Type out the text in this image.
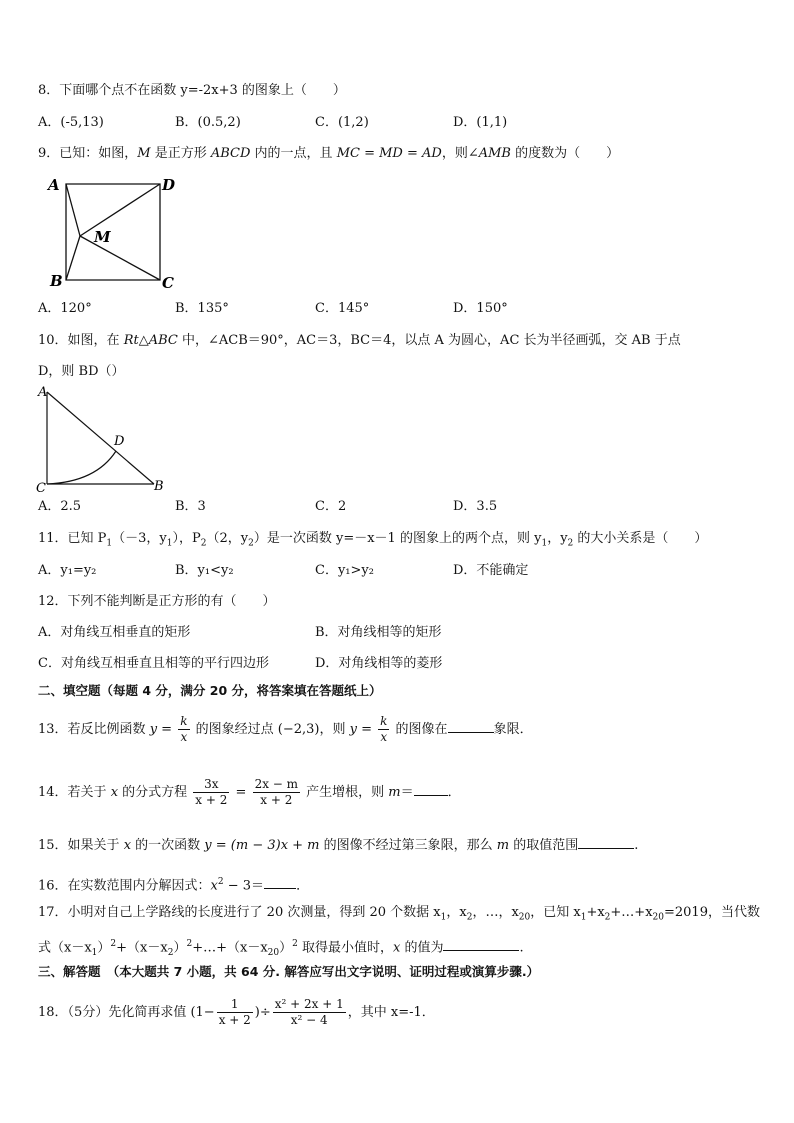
8．下面哪个点不在函数 y=-2x+3 的图象上（　　）
A．(-5,13)	B．(0.5,2)	C．(1,2)	D．(1,1)
9．已知：如图，M 是正方形 ABCD 内的一点，且 MC = MD = AD，则∠AMB 的度数为（　　）
A	D
M
B	C
A．120°	B．135°	C．145°	D．150°
10．如图，在 Rt△ABC 中，∠ACB＝90°，AC＝3，BC＝4，以点 A 为圆心，AC 长为半径画弧，交 AB 于点
D，则 BD（）
A
D
C	B
A．2.5	B．3	C．2	D．3.5
11．已知 $P_1(-3$，$y_1$），$P_2(2$，$y_2$）是一次函数 y=－x－1 的图象上的两个点，则 $y_1$，$y_2$ 的大小关系是（　　）
A．y₁=y₂	B．y₁<y₂	C．y₁>y₂	D．不能确定
12．下列不能判断是正方形的有（　　）
A．对角线互相垂直的矩形	B．对角线相等的矩形
C．对角线互相垂直且相等的平行四边形	D．对角线相等的菱形
二、填空题（每题 4 分，满分 20 分，将答案填在答题纸上）
13．若反比例函数 $y = \frac{k}{x}$ 的图象经过点 (−2,3)，则 $y = \frac{k}{x}$ 的图像在	象限．
14．若关于 x 的分式方程 $\frac{3x}{x + 2} = \frac{2x - m}{x + 2}$ 产生增根，则 m＝	．
15．如果关于 x 的一次函数 y = (m − 3)x + m 的图像不经过第三象限，那么 m 的取值范围	.
16．在实数范围内分解因式：$x^2 - 3=$ ．
17．小明对自己上学路线的长度进行了 20 次测量，得到 20 个数据 $x_1$，$x_2$，…，$x_{20}$，已知 $x_1+x_2+\dots+x_{20}=2019$，当代数
式$(x-x_1)^2+(x-x_2)^2+\dots+(x-x_{20})^2$ 取得最小值时，x 的值为	.
三、解答题　（本大题共 7 小题，共 64 分. 解答应写出文字说明、证明过程或演算步骤.）
18．（5分）先化简再求值 ($1- \frac{1}{x + 2}$ )÷ $\frac{\text{x² + 2x + 1}}{\text{x² − 4}}$ ，其中 x=-1．
